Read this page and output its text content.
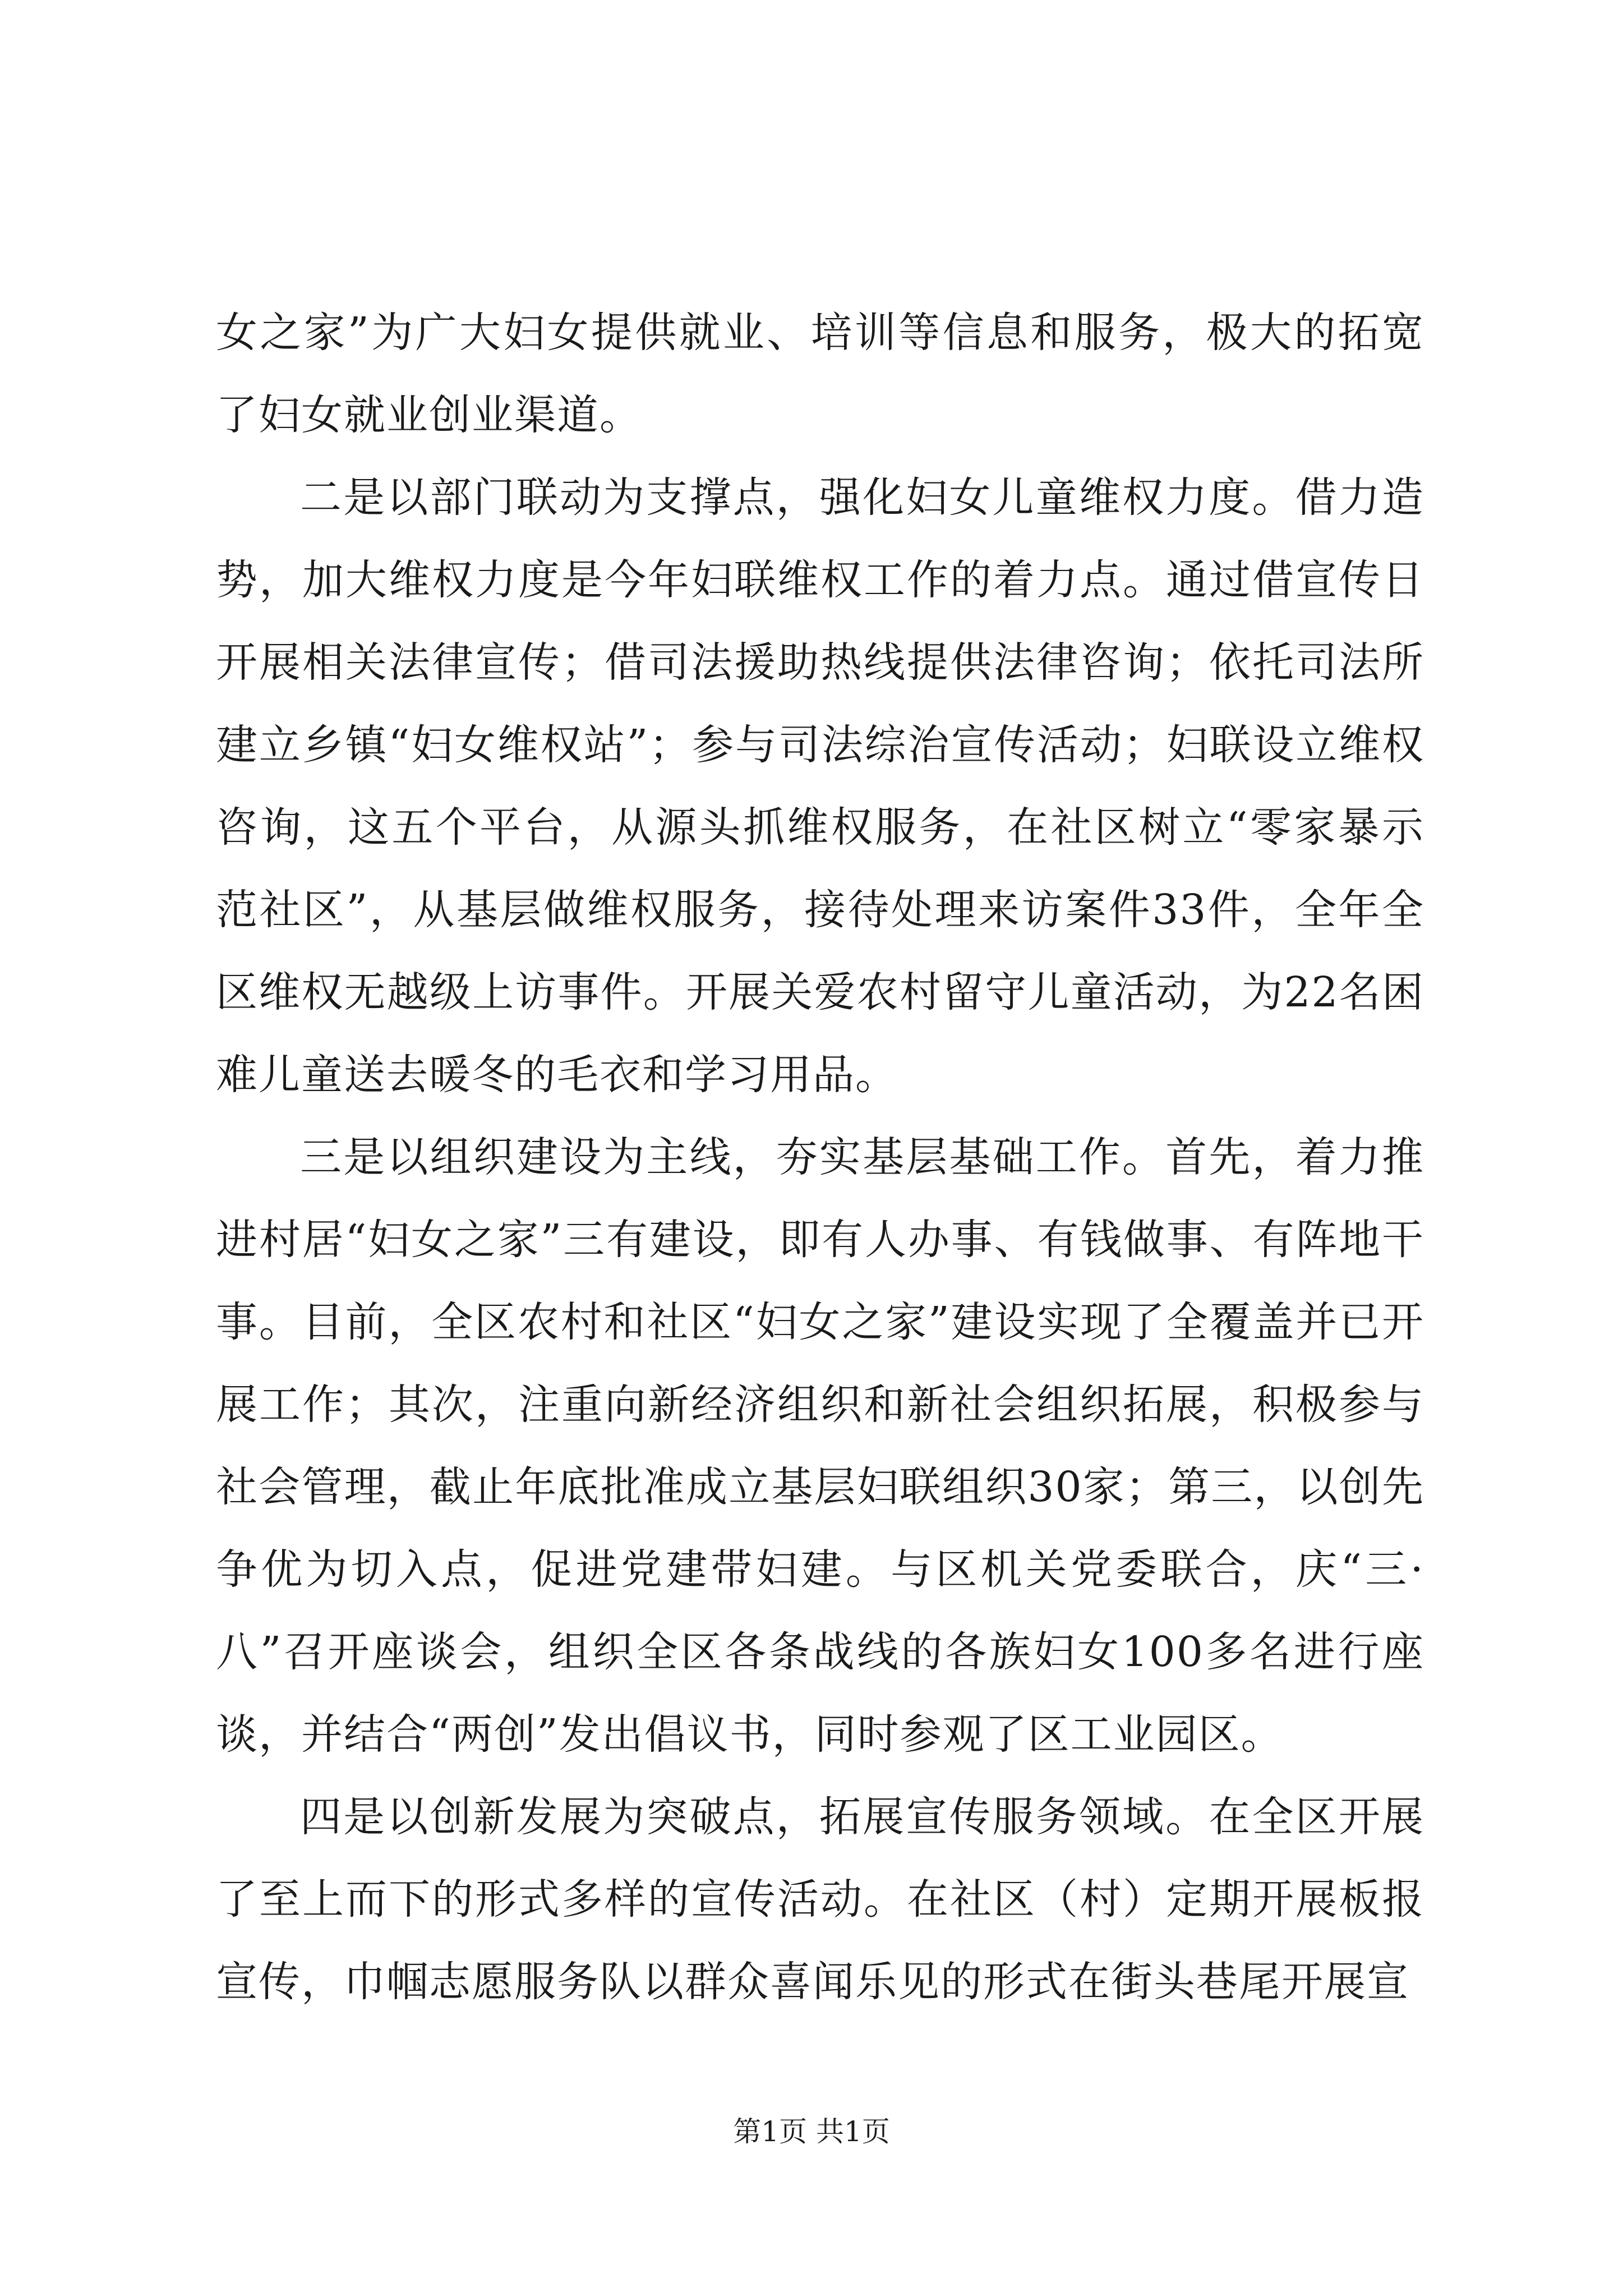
女之家”为广大妇女提供就业、培训等信息和服务，极大的拓宽了妇女就业创业渠道。

二是以部门联动为支撑点，强化妇女儿童维权力度。借力造势，加大维权力度是今年妇联维权工作的着力点。通过借宣传日开展相关法律宣传；借司法援助热线提供法律咨询；依托司法所建立乡镇“妇女维权站”；参与司法综治宣传活动；妇联设立维权咨询，这五个平台，从源头抓维权服务，在社区树立“零家暴示范社区”，从基层做维权服务，接待处理来访案件33件，全年全区维权无越级上访事件。开展关爱农村留守儿童活动，为22名困难儿童送去暖冬的毛衣和学习用品。

三是以组织建设为主线，夯实基层基础工作。首先，着力推进村居“妇女之家”三有建设，即有人办事、有钱做事、有阵地干事。目前，全区农村和社区“妇女之家”建设实现了全覆盖并已开展工作；其次，注重向新经济组织和新社会组织拓展，积极参与社会管理，截止年底批准成立基层妇联组织30家；第三，以创先争优为切入点，促进党建带妇建。与区机关党委联合，庆“三·八”召开座谈会，组织全区各条战线的各族妇女100多名进行座谈，并结合“两创”发出倡议书，同时参观了区工业园区。

四是以创新发展为突破点，拓展宣传服务领域。在全区开展了至上而下的形式多样的宣传活动。在社区（村）定期开展板报宣传，巾帼志愿服务队以群众喜闻乐见的形式在街头巷尾开展宣

第1页 共1页
